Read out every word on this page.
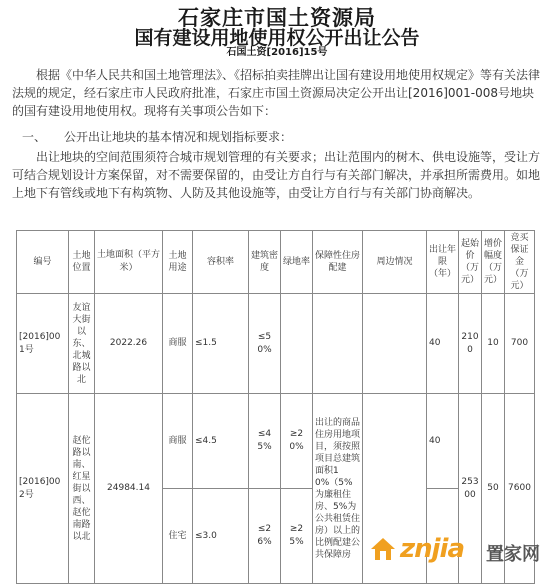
石家庄市国土资源局
国有建设用地使用权公开出让公告
石国土资[2016]15号
根据《中华人民共和国土地管理法》、《招标拍卖挂牌出让国有建设用地使用权规定》等有关法律法规的规定，经石家庄市人民政府批准，石家庄市国土资源局决定公开出让[2016]001-008号地块的国有建设用地使用权。现将有关事项公告如下：
一、　　公开出让地块的基本情况和规划指标要求：
出让地块的空间范围须符合城市规划管理的有关要求；出让范围内的树木、供电设施等，受让方可结合规划设计方案保留，对不需要保留的，由受让方自行与有关部门解决，并承担所需费用。如地上地下有管线或地下有构筑物、人防及其他设施等，由受让方自行与有关部门协商解决。
编号	土地位置	土地面积（平方米）	土地用途	容积率	建筑密度	绿地率	保障性住房配建	周边情况	出让年限（年）	起始价（万元）	增价幅度（万元）	竞买保证金（万元）
[2016]001号	友谊大街以东、北城路以北	2022.26	商服	≤1.5	≤50%				40	2100	10	700
[2016]002号	赵佗路以南、红星街以西、赵佗南路以北	24984.14	商服	≤4.5	≤45%	≥20%	出让的商品住房用地项目，须按照项目总建筑面积10%（5%为廉租住房、5%为公共租赁住房）以上的比例配建公共保障房		40	25300	50	7600
			住宅	≤3.0	≤26%	≥25%							znjia 置家网
